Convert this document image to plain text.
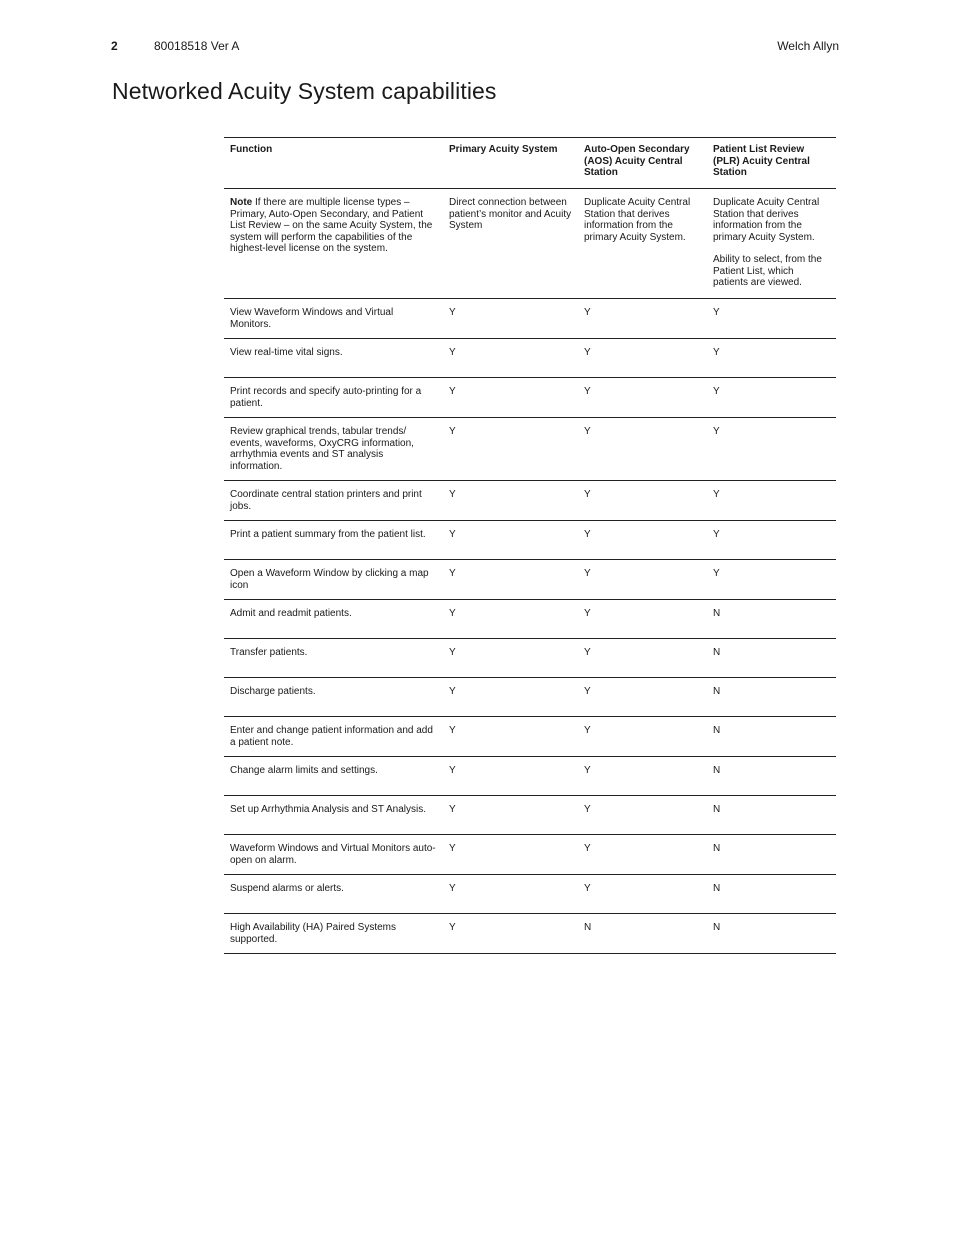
2	80018518 Ver A	Welch Allyn
Networked Acuity System capabilities
Function	Primary Acuity System	Auto-Open Secondary (AOS) Acuity Central Station	Patient List Review (PLR) Acuity Central Station

Note If there are multiple license types – Primary, Auto-Open Secondary, and Patient List Review – on the same Acuity System, the system will perform the capabilities of the highest-level license on the system.	Direct connection between patient’s monitor and Acuity System	Duplicate Acuity Central Station that derives information from the primary Acuity System.	Duplicate Acuity Central Station that derives information from the primary Acuity System.

Ability to select, from the Patient List, which patients are viewed.

View Waveform Windows and Virtual Monitors.	Y	Y	Y
View real-time vital signs.	Y	Y	Y
Print records and specify auto-printing for a patient.	Y	Y	Y
Review graphical trends, tabular trends/ events, waveforms, OxyCRG information, arrhythmia events and ST analysis information.	Y	Y	Y
Coordinate central station printers and print jobs.	Y	Y	Y
Print a patient summary from the patient list.	Y	Y	Y
Open a Waveform Window by clicking a map icon	Y	Y	Y
Admit and readmit patients.	Y	Y	N
Transfer patients.	Y	Y	N
Discharge patients.	Y	Y	N
Enter and change patient information and add a patient note.	Y	Y	N
Change alarm limits and settings.	Y	Y	N
Set up Arrhythmia Analysis and ST Analysis.	Y	Y	N
Waveform Windows and Virtual Monitors auto-open on alarm.	Y	Y	N
Suspend alarms or alerts.	Y	Y	N
High Availability (HA) Paired Systems supported.	Y	N	N
